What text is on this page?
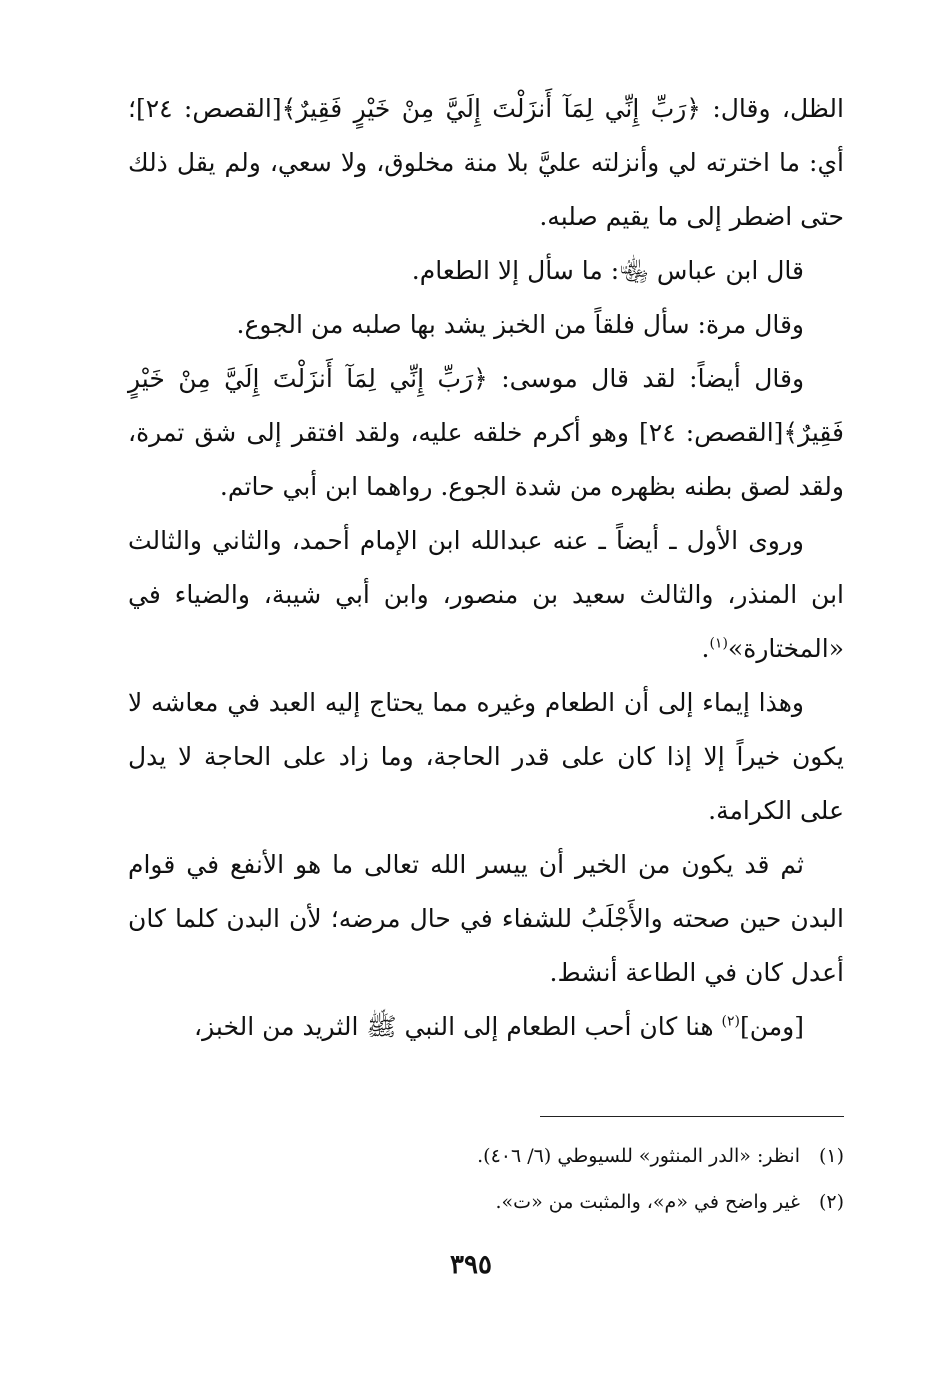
الظل، وقال: ﴿رَبِّ إِنِّي لِمَآ أَنزَلْتَ إِلَيَّ مِنْ خَيْرٍ فَقِيرٌ﴾[القصص: ٢٤]؛ أي: ما اخترته لي وأنزلته عليَّ بلا منة مخلوق، ولا سعي، ولم يقل ذلك حتى اضطر إلى ما يقيم صلبه.

قال ابن عباس ﵄: ما سأل إلا الطعام.

وقال مرة: سأل فلقاً من الخبز يشد بها صلبه من الجوع.

وقال أيضاً: لقد قال موسى: ﴿رَبِّ إِنِّي لِمَآ أَنزَلْتَ إِلَيَّ مِنْ خَيْرٍ فَقِيرٌ﴾[القصص: ٢٤] وهو أكرم خلقه عليه، ولقد افتقر إلى شق تمرة، ولقد لصق بطنه بظهره من شدة الجوع. رواهما ابن أبي حاتم.

وروى الأول ـ أيضاً ـ عنه عبدالله ابن الإمام أحمد، والثاني والثالث ابن المنذر، والثالث سعيد بن منصور، وابن أبي شيبة، والضياء في «المختارة»$^{(١)}$.

وهذا إيماء إلى أن الطعام وغيره مما يحتاج إليه العبد في معاشه لا يكون خيراً إلا إذا كان على قدر الحاجة، وما زاد على الحاجة لا يدل على الكرامة.

ثم قد يكون من الخير أن ييسر الله تعالى ما هو الأنفع في قوام البدن حين صحته والأَجْلَبُ للشفاء في حال مرضه؛ لأن البدن كلما كان أعدل كان في الطاعة أنشط.

[ومن]$^{(٢)}$ هنا كان أحب الطعام إلى النبي ﷺ الثريد من الخبز،

(١)انظر: «الدر المنثور» للسيوطي (٦/ ٤٠٦).

(٢)غير واضح في «م»، والمثبت من «ت».

٣٩٥
